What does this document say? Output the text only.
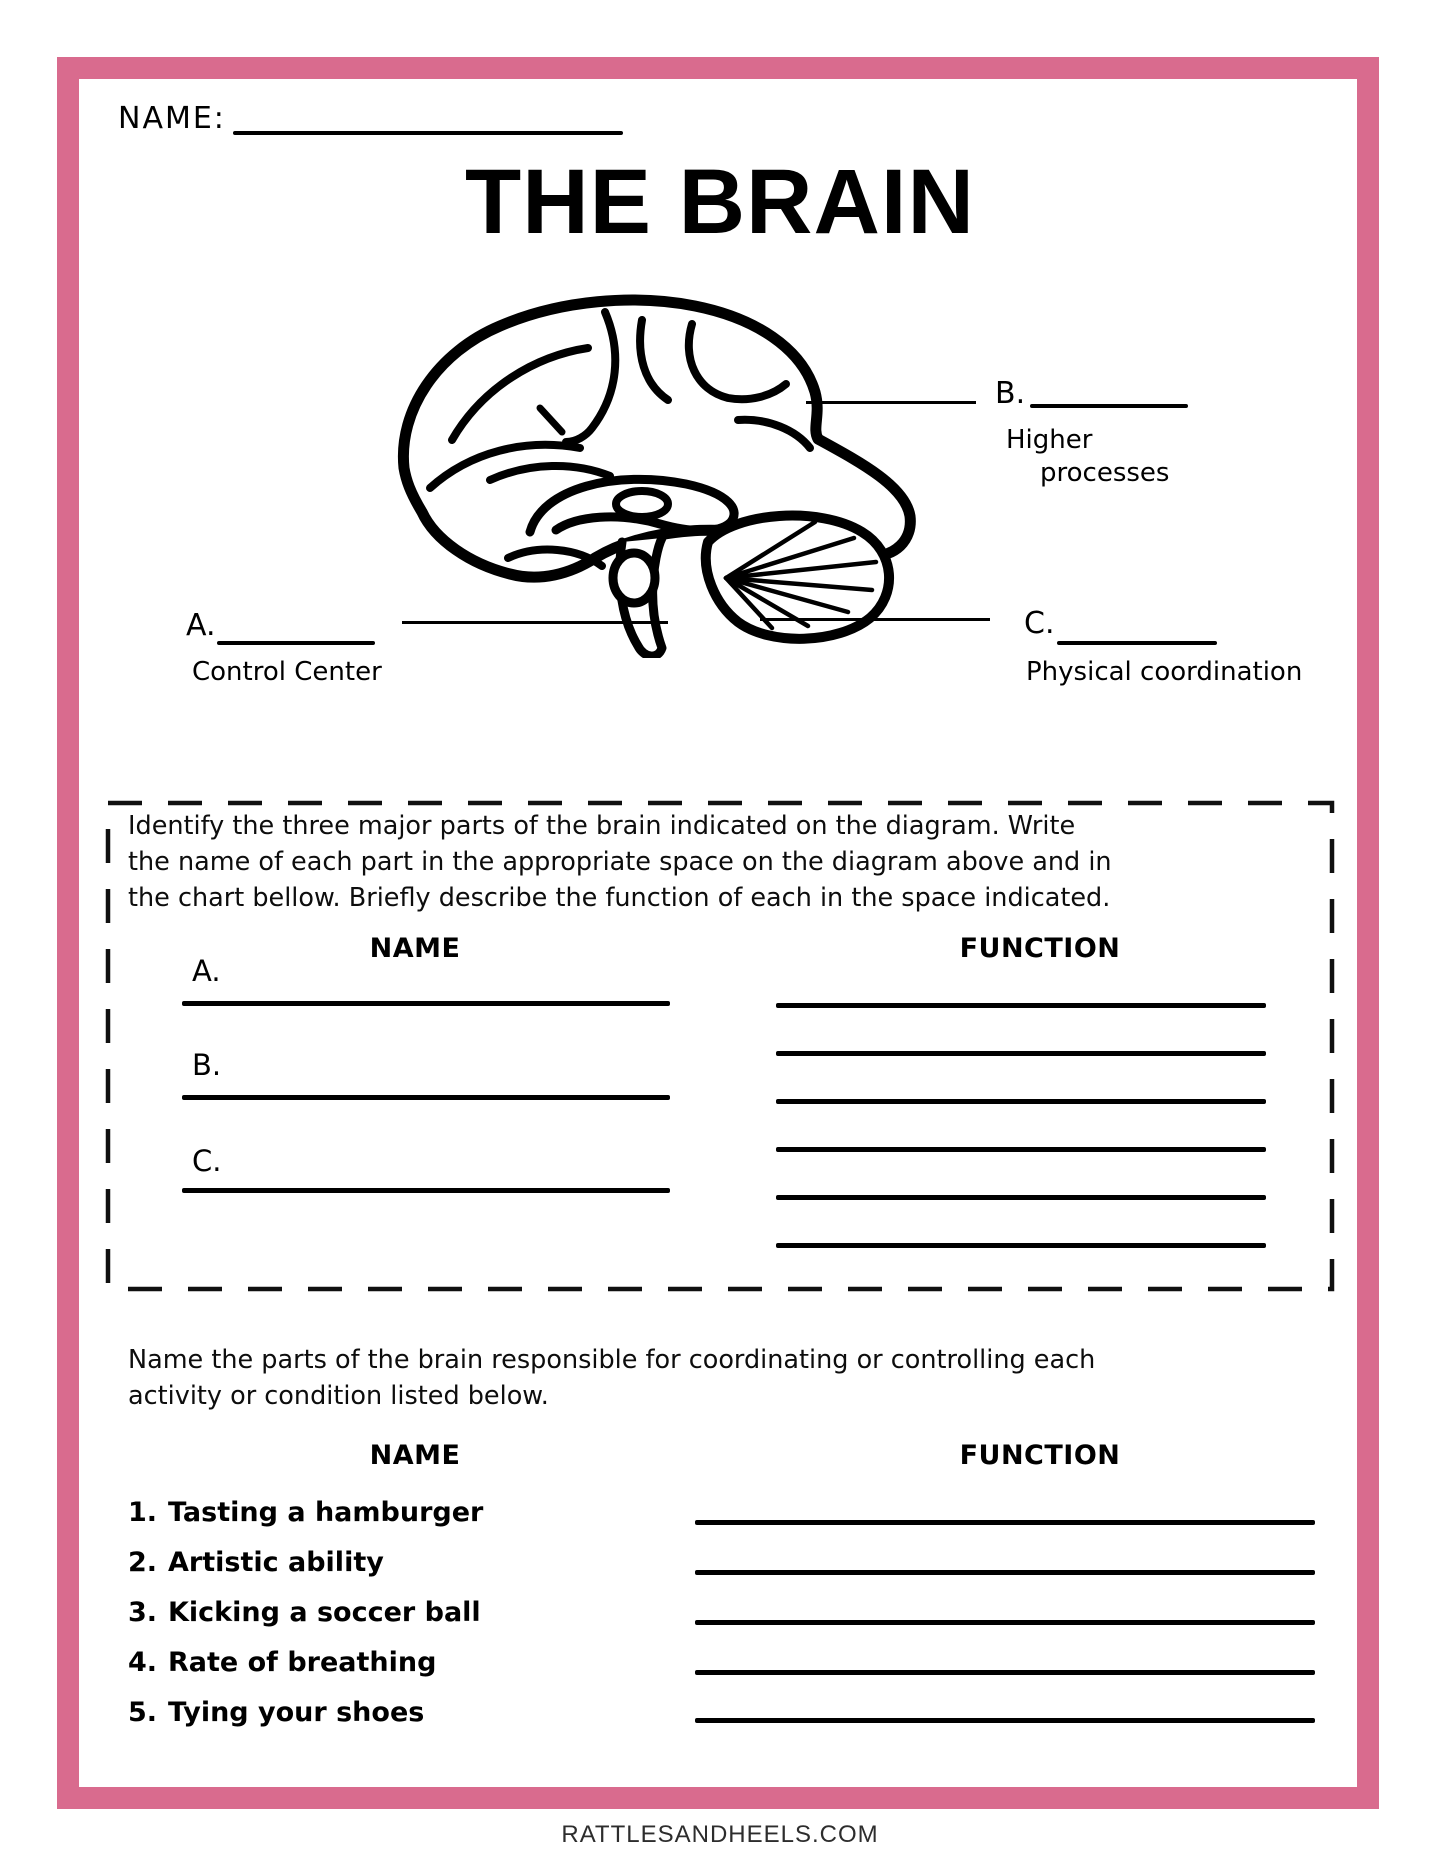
NAME:
THE BRAIN
B.
Higher
processes
A.
Control Center
C.
Physical coordination

Identify the three major parts of the brain indicated on the diagram. Write the name of each part in the appropriate space on the diagram above and in the chart bellow. Briefly describe the function of each in the space indicated.

NAME	FUNCTION
A.
B.
C.

Name the parts of the brain responsible for coordinating or controlling each activity or condition listed below.

NAME	FUNCTION
1. Tasting a hamburger
2. Artistic ability
3. Kicking a soccer ball
4. Rate of breathing
5. Tying your shoes
RATTLESANDHEELS.COM
